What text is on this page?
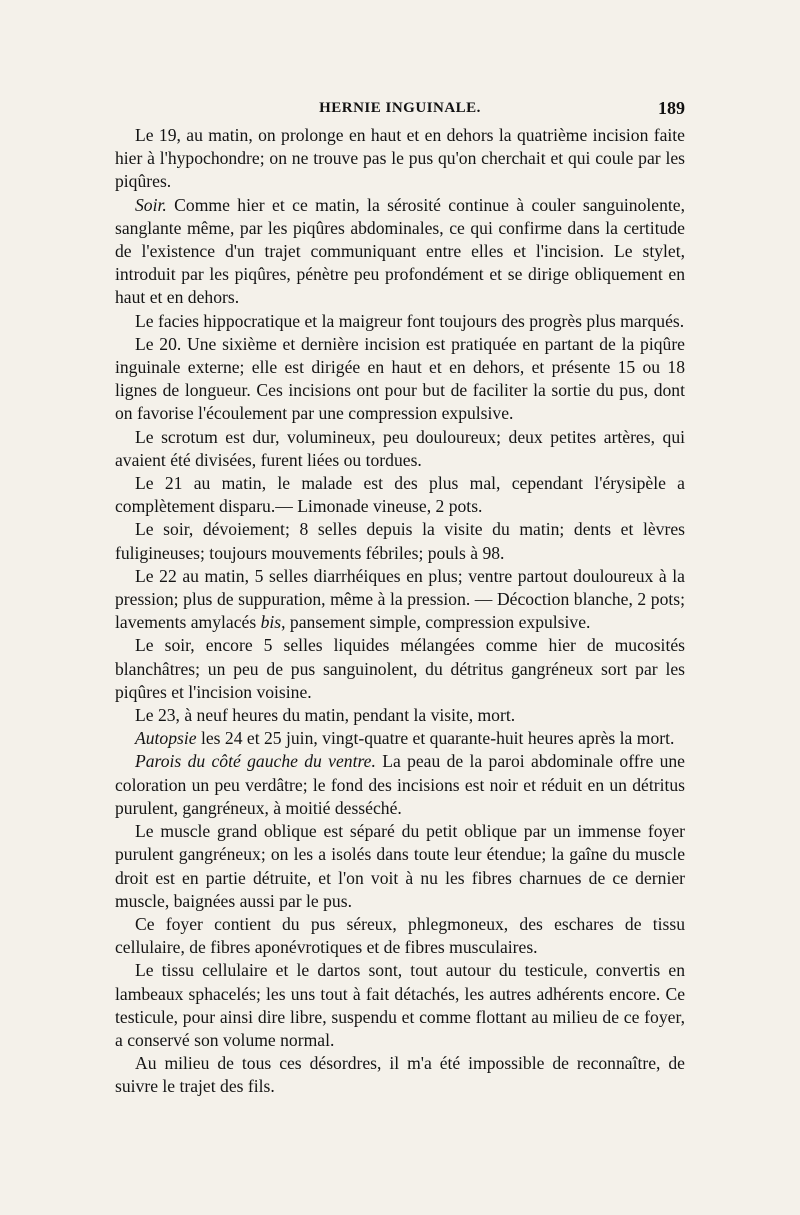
HERNIE INGUINALE.	189

Le 19, au matin, on prolonge en haut et en dehors la quatrième incision faite hier à l'hypochondre; on ne trouve pas le pus qu'on cherchait et qui coule par les piqûres.

Soir. Comme hier et ce matin, la sérosité continue à couler sanguinolente, sanglante même, par les piqûres abdominales, ce qui confirme dans la certitude de l'existence d'un trajet communiquant entre elles et l'incision. Le stylet, introduit par les piqûres, pénètre peu profondément et se dirige obliquement en haut et en dehors.

Le facies hippocratique et la maigreur font toujours des progrès plus marqués.

Le 20. Une sixième et dernière incision est pratiquée en partant de la piqûre inguinale externe; elle est dirigée en haut et en dehors, et présente 15 ou 18 lignes de longueur. Ces incisions ont pour but de faciliter la sortie du pus, dont on favorise l'écoulement par une compression expulsive.

Le scrotum est dur, volumineux, peu douloureux; deux petites artères, qui avaient été divisées, furent liées ou tordues.

Le 21 au matin, le malade est des plus mal, cependant l'érysipèle a complètement disparu.— Limonade vineuse, 2 pots.

Le soir, dévoiement; 8 selles depuis la visite du matin; dents et lèvres fuligineuses; toujours mouvements fébriles; pouls à 98.

Le 22 au matin, 5 selles diarrhéiques en plus; ventre partout douloureux à la pression; plus de suppuration, même à la pression. — Décoction blanche, 2 pots; lavements amylacés bis, pansement simple, compression expulsive.

Le soir, encore 5 selles liquides mélangées comme hier de mucosités blanchâtres; un peu de pus sanguinolent, du détritus gangréneux sort par les piqûres et l'incision voisine.

Le 23, à neuf heures du matin, pendant la visite, mort.

Autopsie les 24 et 25 juin, vingt-quatre et quarante-huit heures après la mort.

Parois du côté gauche du ventre. La peau de la paroi abdominale offre une coloration un peu verdâtre; le fond des incisions est noir et réduit en un détritus purulent, gangréneux, à moitié desséché.

Le muscle grand oblique est séparé du petit oblique par un immense foyer purulent gangréneux; on les a isolés dans toute leur étendue; la gaîne du muscle droit est en partie détruite, et l'on voit à nu les fibres charnues de ce dernier muscle, baignées aussi par le pus.

Ce foyer contient du pus séreux, phlegmoneux, des eschares de tissu cellulaire, de fibres aponévrotiques et de fibres musculaires.

Le tissu cellulaire et le dartos sont, tout autour du testicule, convertis en lambeaux sphacelés; les uns tout à fait détachés, les autres adhérents encore. Ce testicule, pour ainsi dire libre, suspendu et comme flottant au milieu de ce foyer, a conservé son volume normal.

Au milieu de tous ces désordres, il m'a été impossible de reconnaître, de suivre le trajet des fils.
